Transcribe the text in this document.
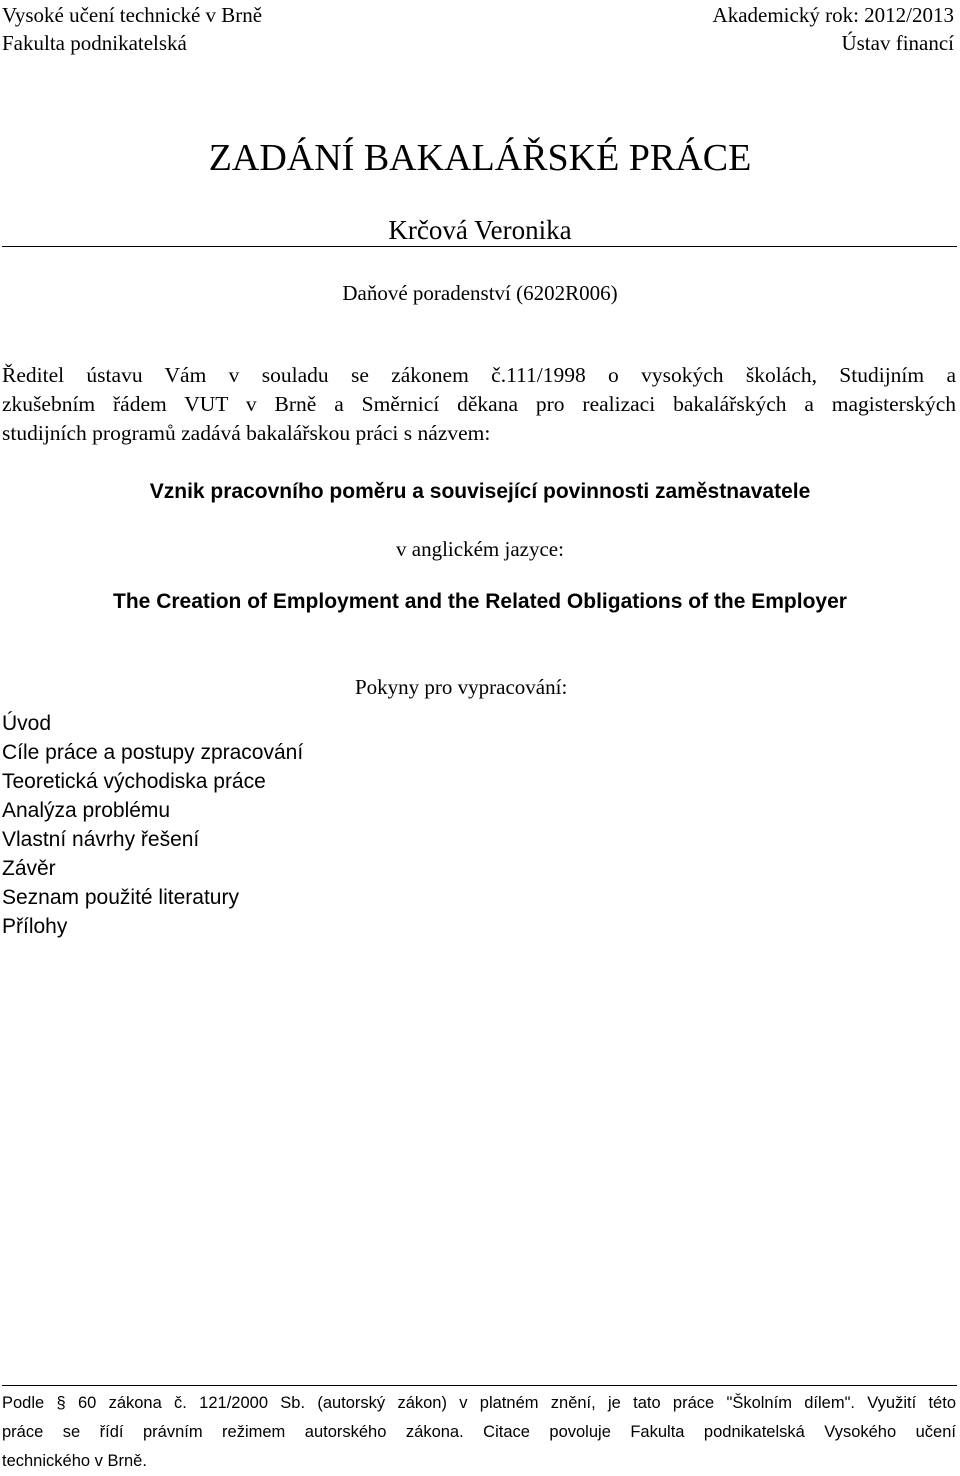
Vysoké učení technické v Brně
Fakulta podnikatelská
Akademický rok: 2012/2013
Ústav financí
ZADÁNÍ BAKALÁŘSKÉ PRÁCE
Krčová Veronika
Daňové poradenství (6202R006)
Ředitel ústavu Vám v souladu se zákonem č.111/1998 o vysokých školách, Studijním a
zkušebním řádem VUT v Brně a Směrnicí děkana pro realizaci bakalářských a magisterských
studijních programů zadává bakalářskou práci s názvem:
Vznik pracovního poměru a související povinnosti zaměstnavatele
v anglickém jazyce:
The Creation of Employment and the Related Obligations of the Employer
Pokyny pro vypracování:
Úvod
Cíle práce a postupy zpracování
Teoretická východiska práce
Analýza problému
Vlastní návrhy řešení
Závěr
Seznam použité literatury
Přílohy
Podle § 60 zákona č. 121/2000 Sb. (autorský zákon) v platném znění, je tato práce "Školním dílem". Využití této
práce se řídí právním režimem autorského zákona. Citace povoluje Fakulta podnikatelská Vysokého učení
technického v Brně.
